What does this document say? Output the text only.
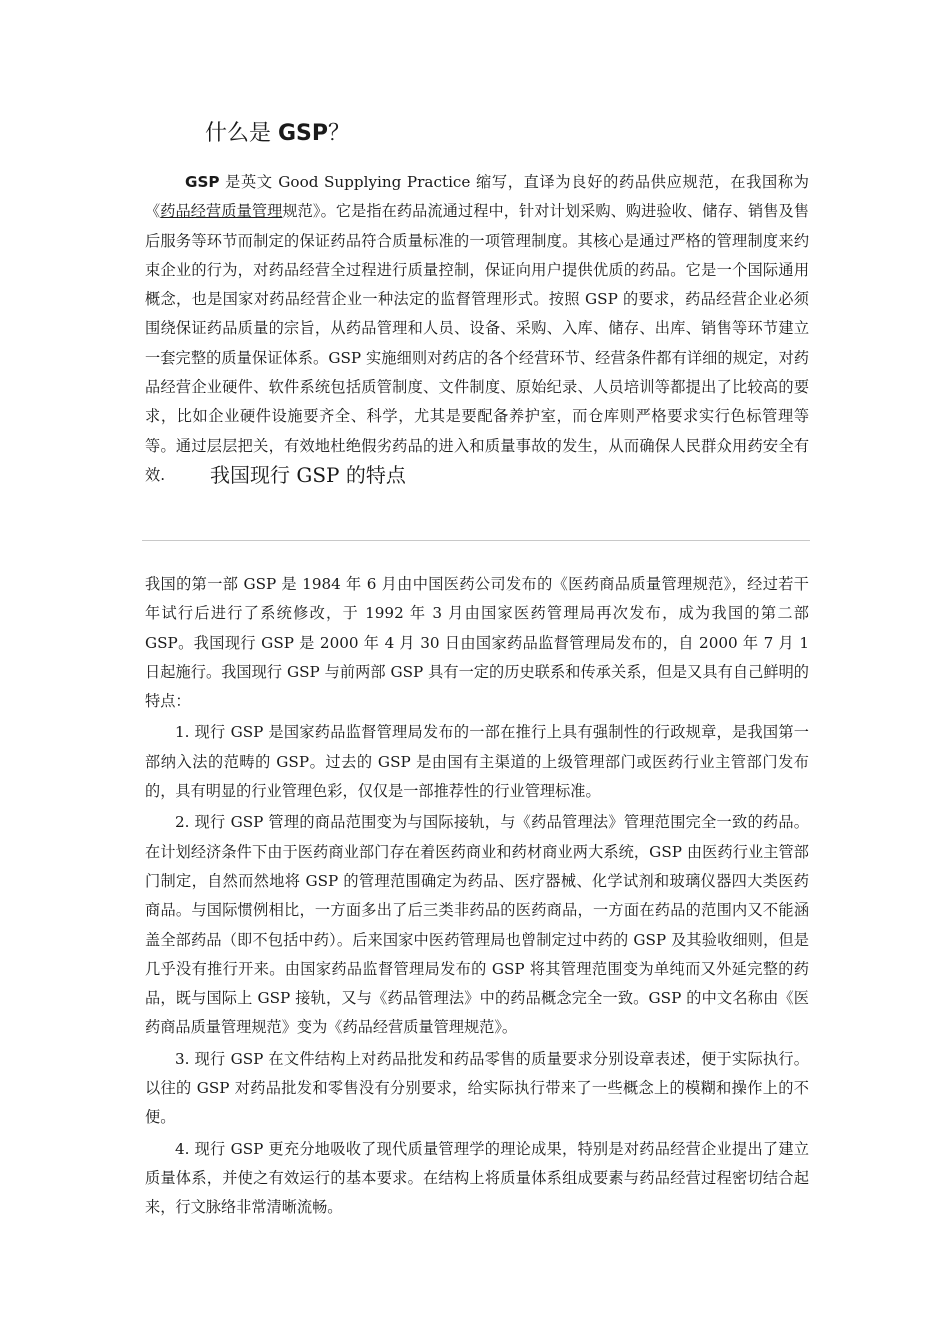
什么是 GSP？
GSP 是英文 Good Supplying Practice 缩写，直译为良好的药品供应规范，在我国称为《药品经营质量管理规范》。它是指在药品流通过程中，针对计划采购、购进验收、储存、销售及售后服务等环节而制定的保证药品符合质量标准的一项管理制度。其核心是通过严格的管理制度来约束企业的行为，对药品经营全过程进行质量控制，保证向用户提供优质的药品。它是一个国际通用概念，也是国家对药品经营企业一种法定的监督管理形式。按照 GSP 的要求，药品经营企业必须围绕保证药品质量的宗旨，从药品管理和人员、设备、采购、入库、储存、出库、销售等环节建立一套完整的质量保证体系。GSP 实施细则对药店的各个经营环节、经营条件都有详细的规定，对药品经营企业硬件、软件系统包括质管制度、文件制度、原始纪录、人员培训等都提出了比较高的要求，比如企业硬件设施要齐全、科学，尤其是要配备养护室，而仓库则严格要求实行色标管理等等。通过层层把关，有效地杜绝假劣药品的进入和质量事故的发生，从而确保人民群众用药安全有效.	我国现行 GSP 的特点

我国的第一部 GSP 是 1984 年 6 月由中国医药公司发布的《医药商品质量管理规范》，经过若干年试行后进行了系统修改，于 1992 年 3 月由国家医药管理局再次发布，成为我国的第二部 GSP。我国现行 GSP 是 2000 年 4 月 30 日由国家药品监督管理局发布的，自 2000 年 7 月 1 日起施行。我国现行 GSP 与前两部 GSP 具有一定的历史联系和传承关系，但是又具有自己鲜明的特点：

1. 现行 GSP 是国家药品监督管理局发布的一部在推行上具有强制性的行政规章，是我国第一部纳入法的范畴的 GSP。过去的 GSP 是由国有主渠道的上级管理部门或医药行业主管部门发布的，具有明显的行业管理色彩，仅仅是一部推荐性的行业管理标准。

2. 现行 GSP 管理的商品范围变为与国际接轨，与《药品管理法》管理范围完全一致的药品。在计划经济条件下由于医药商业部门存在着医药商业和药材商业两大系统，GSP 由医药行业主管部门制定，自然而然地将 GSP 的管理范围确定为药品、医疗器械、化学试剂和玻璃仪器四大类医药商品。与国际惯例相比，一方面多出了后三类非药品的医药商品，一方面在药品的范围内又不能涵盖全部药品（即不包括中药）。后来国家中医药管理局也曾制定过中药的 GSP 及其验收细则，但是几乎没有推行开来。由国家药品监督管理局发布的 GSP 将其管理范围变为单纯而又外延完整的药品，既与国际上 GSP 接轨，又与《药品管理法》中的药品概念完全一致。GSP 的中文名称由《医药商品质量管理规范》变为《药品经营质量管理规范》。

3. 现行 GSP 在文件结构上对药品批发和药品零售的质量要求分别设章表述，便于实际执行。以往的 GSP 对药品批发和零售没有分别要求，给实际执行带来了一些概念上的模糊和操作上的不便。

4. 现行 GSP 更充分地吸收了现代质量管理学的理论成果，特别是对药品经营企业提出了建立质量体系，并使之有效运行的基本要求。在结构上将质量体系组成要素与药品经营过程密切结合起来，行文脉络非常清晰流畅。
